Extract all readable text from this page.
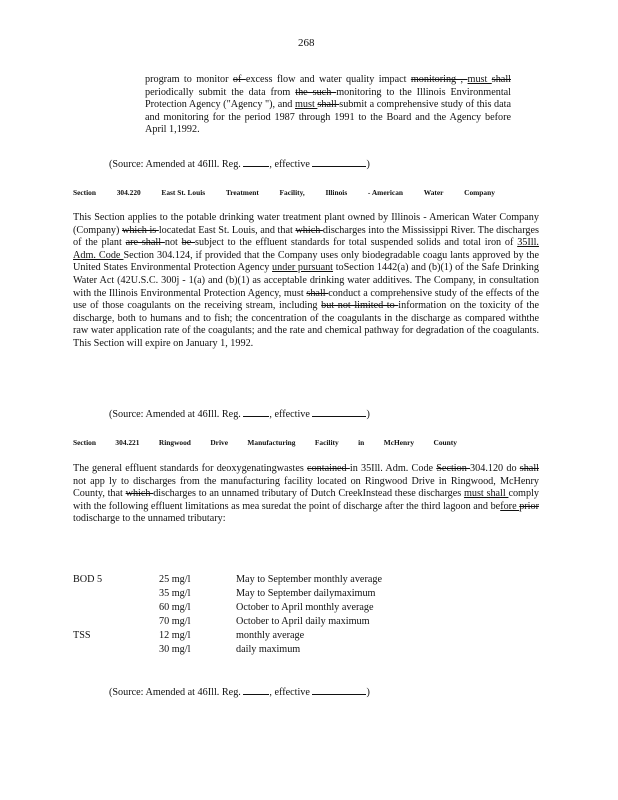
268
program to monitor of excess flow and water quality impact monitoring , must shall periodically submit the data from the such monitoring to the Illinois Environmental Protection Agency ("Agency "), and must shall submit a comprehensive study of this data and monitoring for the period 1987 through 1991 to the Board and the Agency before April 1,1992.
(Source: Amended at 46Ill. Reg.	, effective	)
Section	304.220	East St. Louis	Treatment	Facility,	Illinois	- American	Water	Company
This Section applies to the potable drinking water treatment plant owned by Illinois - American Water Company (Company) which is locatedat East St. Louis, and that which discharges into the Mississippi River. The discharges of the plant are shall not be subject to the effluent standards for total suspended solids and total iron of 35Ill. Adm. Code Section 304.124, if provided that the Company uses only biodegradable coagu lants approved by the United States Environmental Protection Agency under pursuant toSection 1442(a) and (b)(1) of the Safe Drinking Water Act (42U.S.C. 300j - 1(a) and (b)(1) as acceptable drinking water additives. The Company, in consultation with the Illinois Environmental Protection Agency, must shall conduct a comprehensive study of the effects of the use of those coagulants on the receiving stream, including but not limited to information on the toxicity of the discharge, both to humans and to fish; the concentration of the coagulants in the discharge as compared withthe raw water application rate of the coagulants; and the rate and chemical pathway for degradation of the coagulants. This Section will expire on January 1, 1992.
(Source: Amended at 46Ill. Reg.	, effective	)
Section	304.221	Ringwood	Drive	Manufacturing	Facility	in	McHenry	County
The general effluent standards for deoxygenatingwastes contained in 35Ill. Adm. Code Section 304.120 do shall not app ly to discharges from the manufacturing facility located on Ringwood Drive in Ringwood, McHenry County, that which discharges to an unnamed tributary of Dutch CreekInstead these discharges must shall comply with the following effluent limitations as mea suredat the point of discharge after the third lagoon and before prior todischarge to the unnamed tributary:
BOD 5	25 mg/l	May to September monthly average
	35 mg/l	May to September dailymaximum
	60 mg/l	October to April monthly average
	70 mg/l	October to April daily maximum
TSS	12 mg/l	monthly average
	30 mg/l	daily maximum
(Source: Amended at 46Ill. Reg.	, effective	)
